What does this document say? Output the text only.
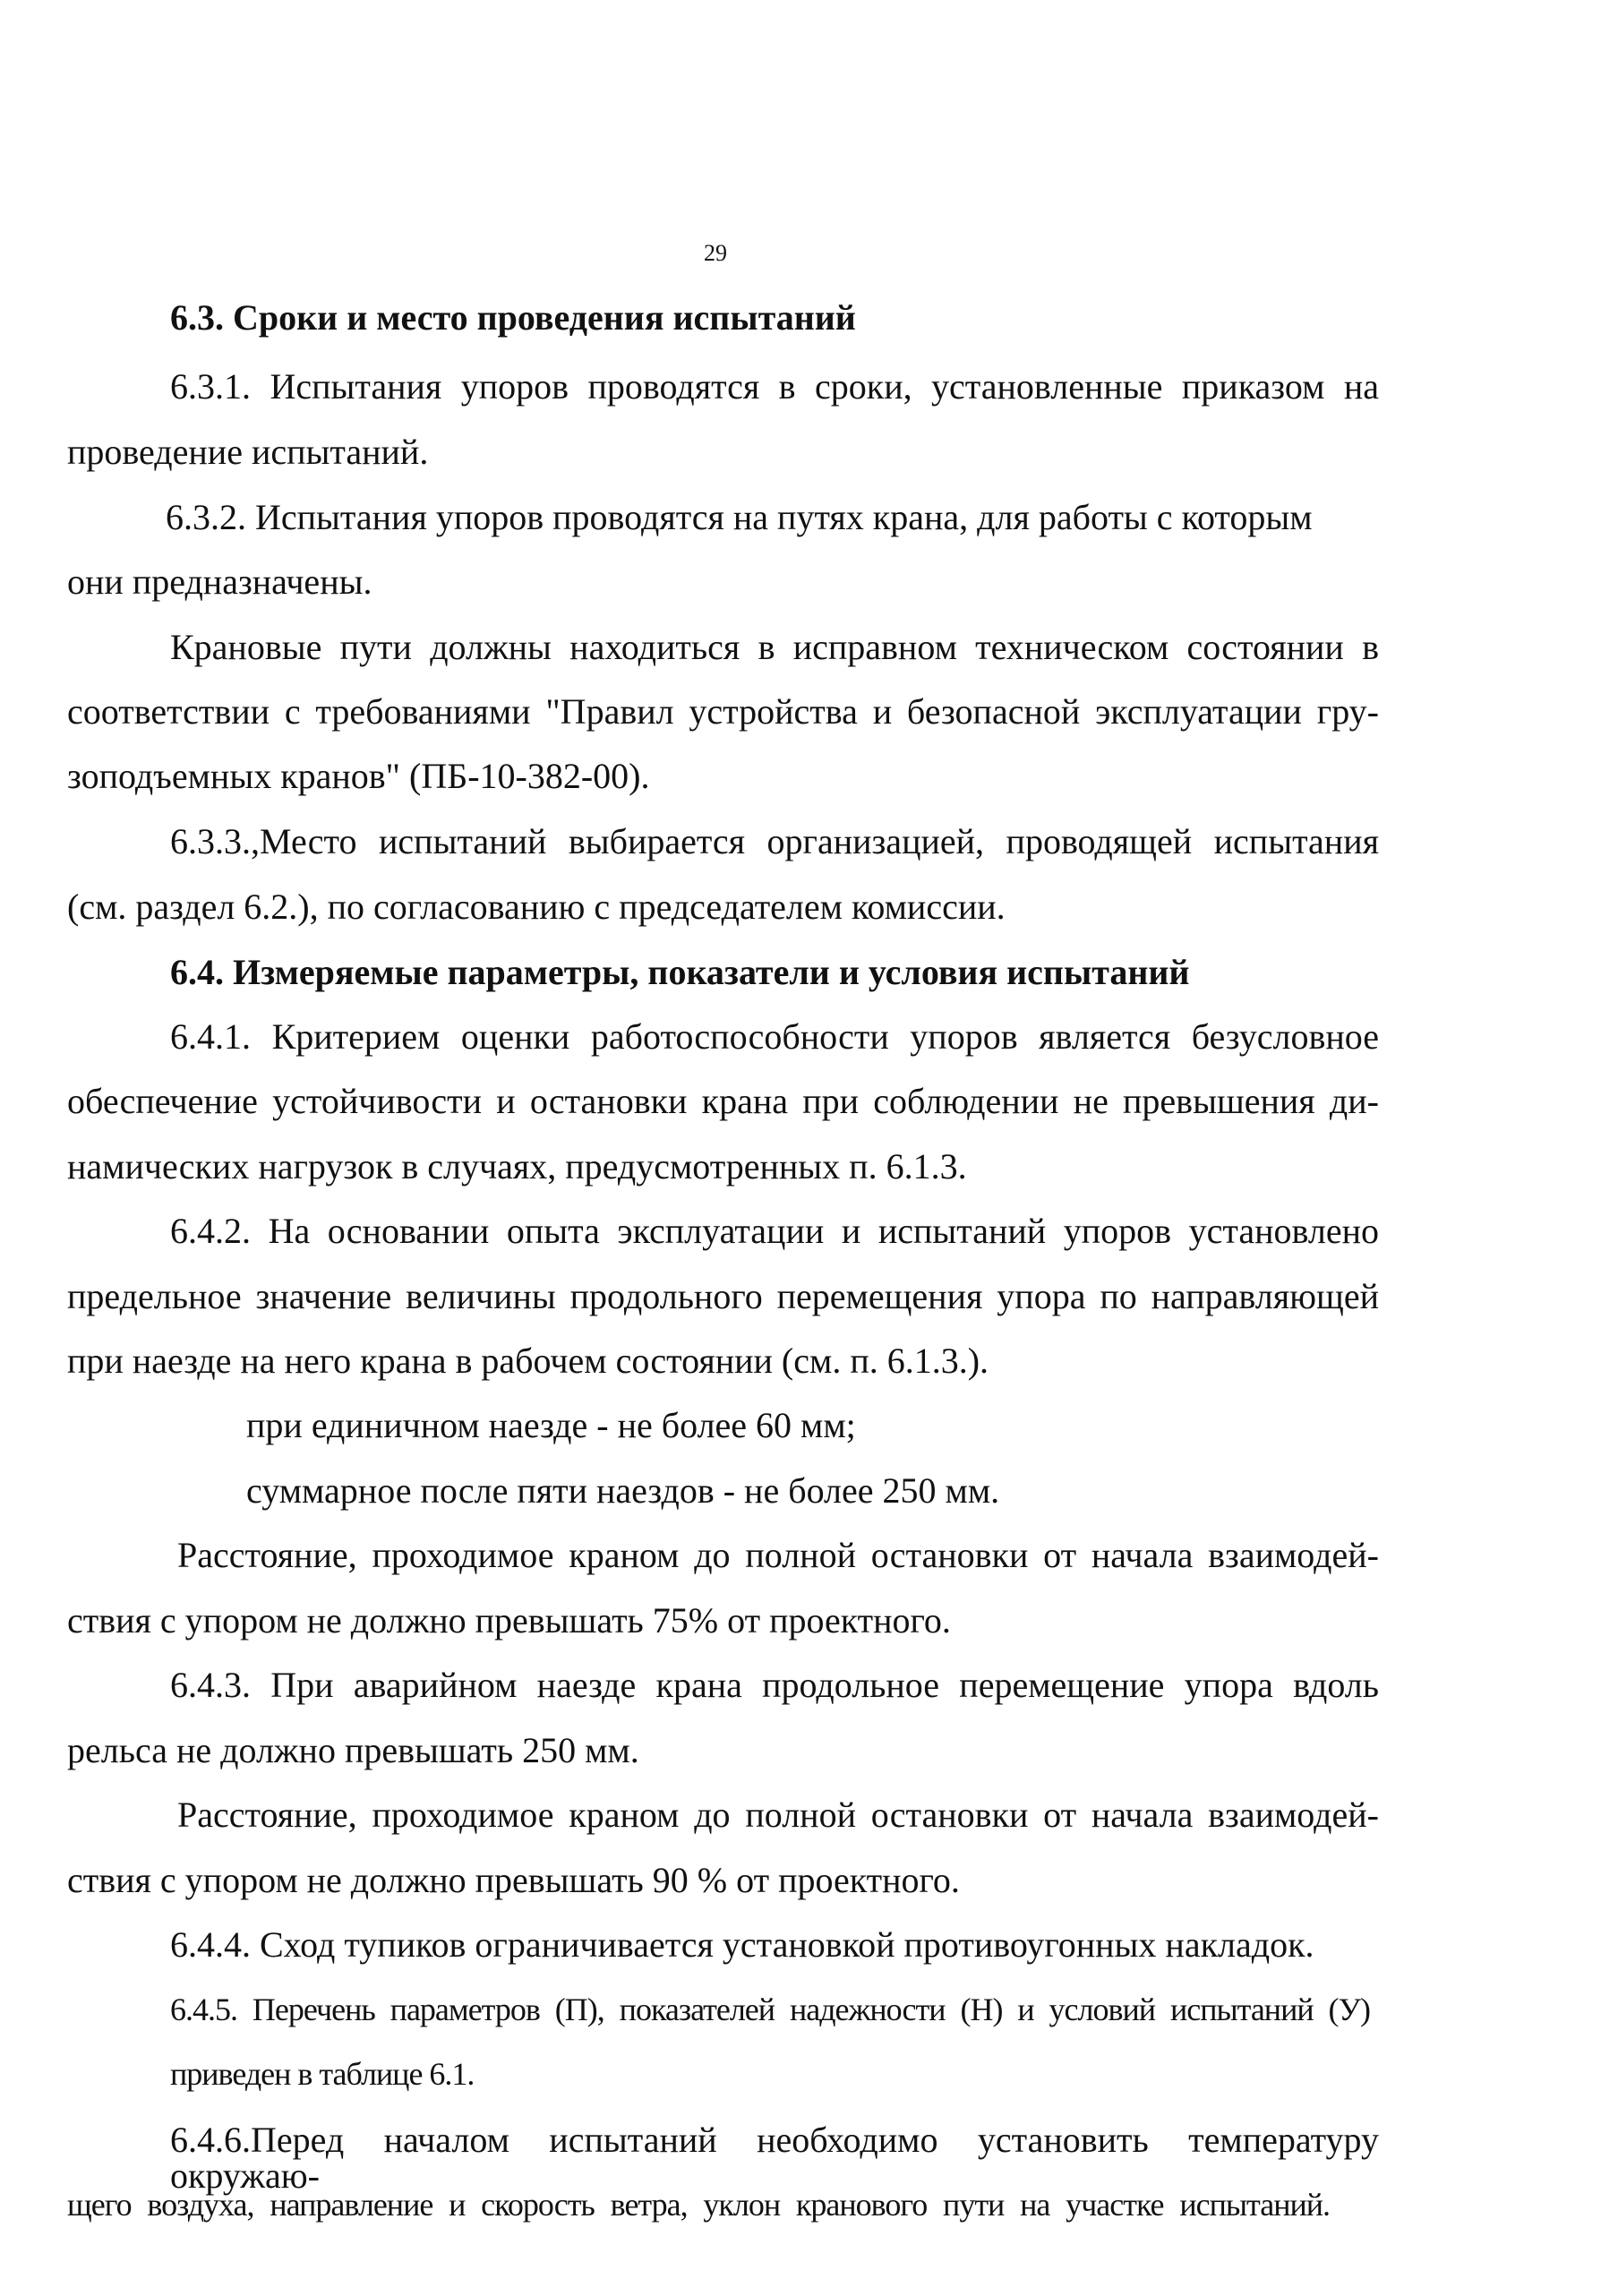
29
6.3. Сроки и место проведения испытаний
6.3.1. Испытания упоров проводятся в сроки, установленные приказом на
проведение испытаний.
6.3.2. Испытания упоров проводятся на путях крана, для работы с которым
они предназначены.
Крановые пути должны находиться в исправном техническом состоянии в
соответствии с требованиями "Правил устройства и безопасной эксплуатации гру-
зоподъемных кранов" (ПБ-10-382-00).
6.3.3.,Место испытаний выбирается организацией, проводящей испытания
(см. раздел 6.2.), по согласованию с председателем комиссии.
6.4. Измеряемые параметры, показатели и условия испытаний
6.4.1. Критерием оценки работоспособности упоров является безусловное
обеспечение устойчивости и остановки крана при соблюдении не превышения ди-
намических нагрузок в случаях, предусмотренных п. 6.1.3.
6.4.2. На основании опыта эксплуатации и испытаний упоров установлено
предельное значение величины продольного перемещения упора по направляющей
при наезде на него крана в рабочем состоянии (см. п. 6.1.3.).
при единичном наезде - не более 60 мм;
суммарное после пяти наездов - не более 250 мм.
Расстояние, проходимое краном до полной остановки от начала взаимодей-
ствия с упором не должно превышать 75% от проектного.
6.4.3. При аварийном наезде крана продольное перемещение упора вдоль
рельса не должно превышать 250 мм.
Расстояние, проходимое краном до полной остановки от начала взаимодей-
ствия с упором не должно превышать 90 % от проектного.
6.4.4. Сход тупиков ограничивается установкой противоугонных накладок.
6.4.5. Перечень параметров (П), показателей надежности (Н) и условий испытаний (У)
приведен в таблице 6.1.
6.4.6.Перед началом испытаний необходимо установить температуру окружаю-
щего воздуха, направление и скорость ветра, уклон кранового пути на участке испытаний.
